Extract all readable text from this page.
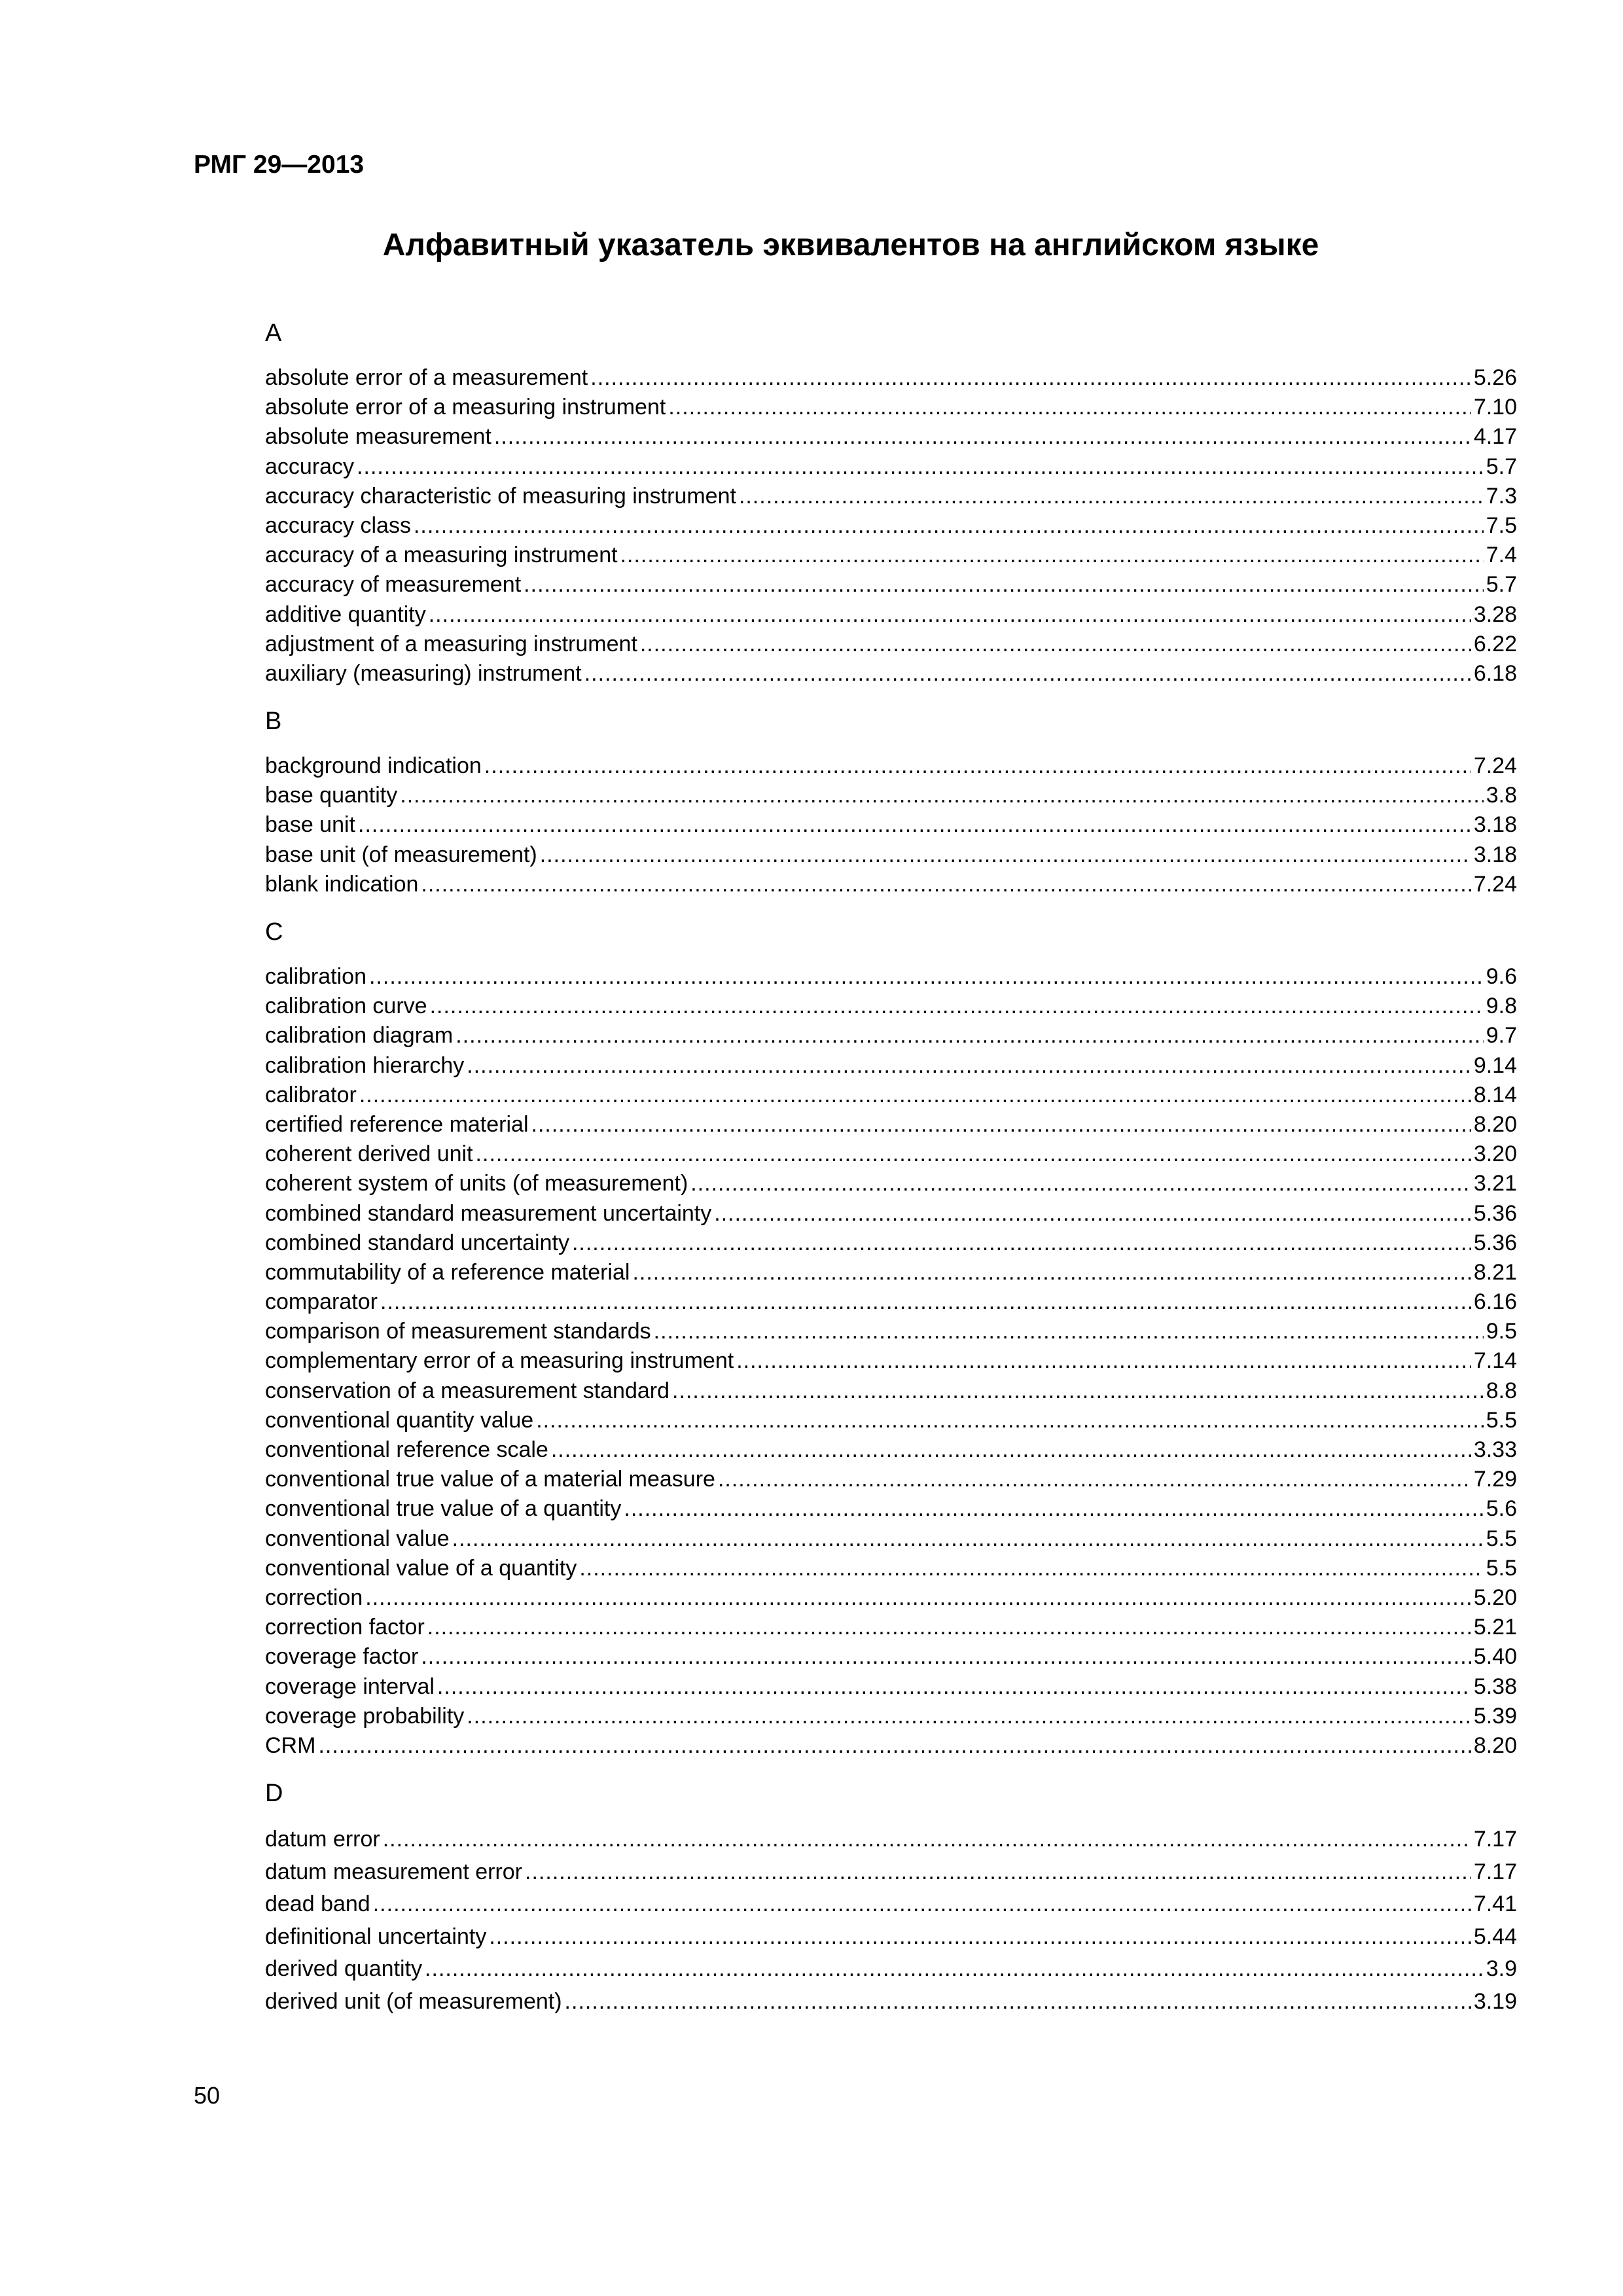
РМГ 29—2013
Алфавитный указатель эквивалентов на английском языке
A
absolute error of a measurement .....	5.26
absolute error of a measuring instrument .....	7.10
absolute measurement .....	4.17
accuracy .....	5.7
accuracy characteristic of measuring instrument .....	7.3
accuracy class .....	7.5
accuracy of a measuring instrument .....	7.4
accuracy of measurement .....	5.7
additive quantity .....	3.28
adjustment of a measuring instrument .....	6.22
auxiliary (measuring) instrument .....	6.18
B
background indication .....	7.24
base quantity .....	3.8
base unit .....	3.18
base unit (of measurement) .....	3.18
blank indication .....	7.24
C
calibration .....	9.6
calibration curve .....	9.8
calibration diagram .....	9.7
calibration hierarchy .....	9.14
calibrator .....	8.14
certified reference material .....	8.20
coherent derived unit .....	3.20
coherent system of units (of measurement) .....	3.21
combined standard measurement uncertainty .....	5.36
combined standard uncertainty .....	5.36
commutability of a reference material .....	8.21
comparator .....	6.16
comparison of measurement standards .....	9.5
complementary error of a measuring instrument .....	7.14
conservation of a measurement standard .....	8.8
conventional quantity value .....	5.5
conventional reference scale .....	3.33
conventional true value of a material measure .....	7.29
conventional true value of a quantity .....	5.6
conventional value .....	5.5
conventional value of a quantity .....	5.5
correction .....	5.20
correction factor .....	5.21
coverage factor .....	5.40
coverage interval .....	5.38
coverage probability .....	5.39
CRM .....	8.20
D
datum error .....	7.17
datum measurement error .....	7.17
dead band .....	7.41
definitional uncertainty .....	5.44
derived quantity .....	3.9
derived unit (of measurement) .....	3.19
50
